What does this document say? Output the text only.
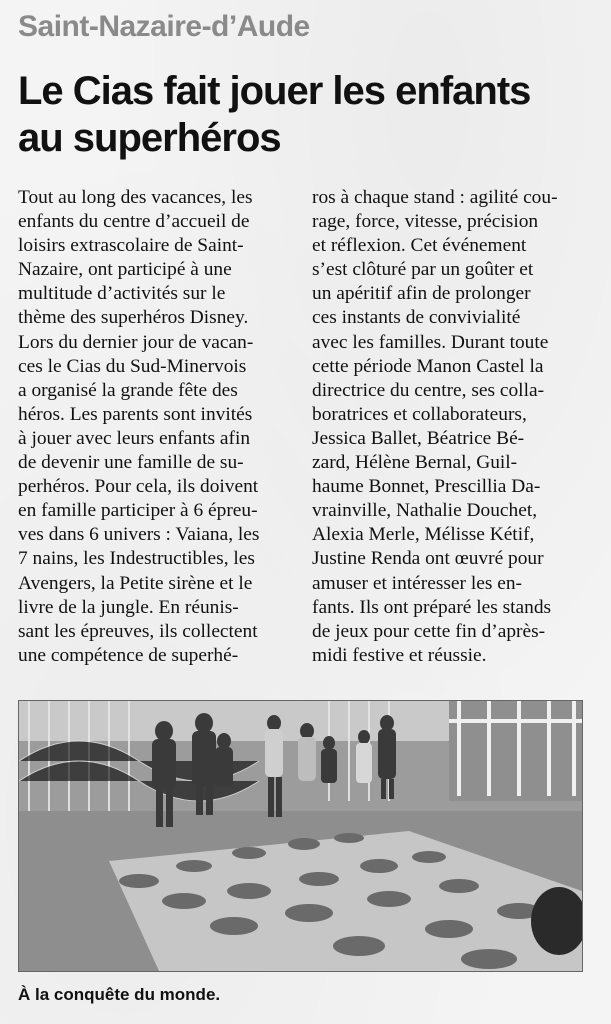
Saint-Nazaire-d’Aude
Le Cias fait jouer les enfants
au superhéros
Tout au long des vacances, les
enfants du centre d’accueil de
loisirs extrascolaire de Saint-
Nazaire, ont participé à une
multitude d’activités sur le
thème des superhéros Disney.
Lors du dernier jour de vacan-
ces le Cias du Sud-Minervois
a organisé la grande fête des
héros. Les parents sont invités
à jouer avec leurs enfants afin
de devenir une famille de su-
perhéros. Pour cela, ils doivent
en famille participer à 6 épreu-
ves dans 6 univers : Vaiana, les
7 nains, les Indestructibles, les
Avengers, la Petite sirène et le
livre de la jungle. En réunis-
sant les épreuves, ils collectent
une compétence de superhé-
ros à chaque stand : agilité cou-
rage, force, vitesse, précision
et réflexion. Cet événement
s’est clôturé par un goûter et
un apéritif afin de prolonger
ces instants de convivialité
avec les familles. Durant toute
cette période Manon Castel la
directrice du centre, ses colla-
boratrices et collaborateurs,
Jessica Ballet, Béatrice Bé-
zard, Hélène Bernal, Guil-
haume Bonnet, Prescillia Da-
vrainville, Nathalie Douchet,
Alexia Merle, Mélisse Kétif,
Justine Renda ont œuvré pour
amuser et intéresser les en-
fants. Ils ont préparé les stands
de jeux pour cette fin d’après-
midi festive et réussie.
À la conquête du monde.
